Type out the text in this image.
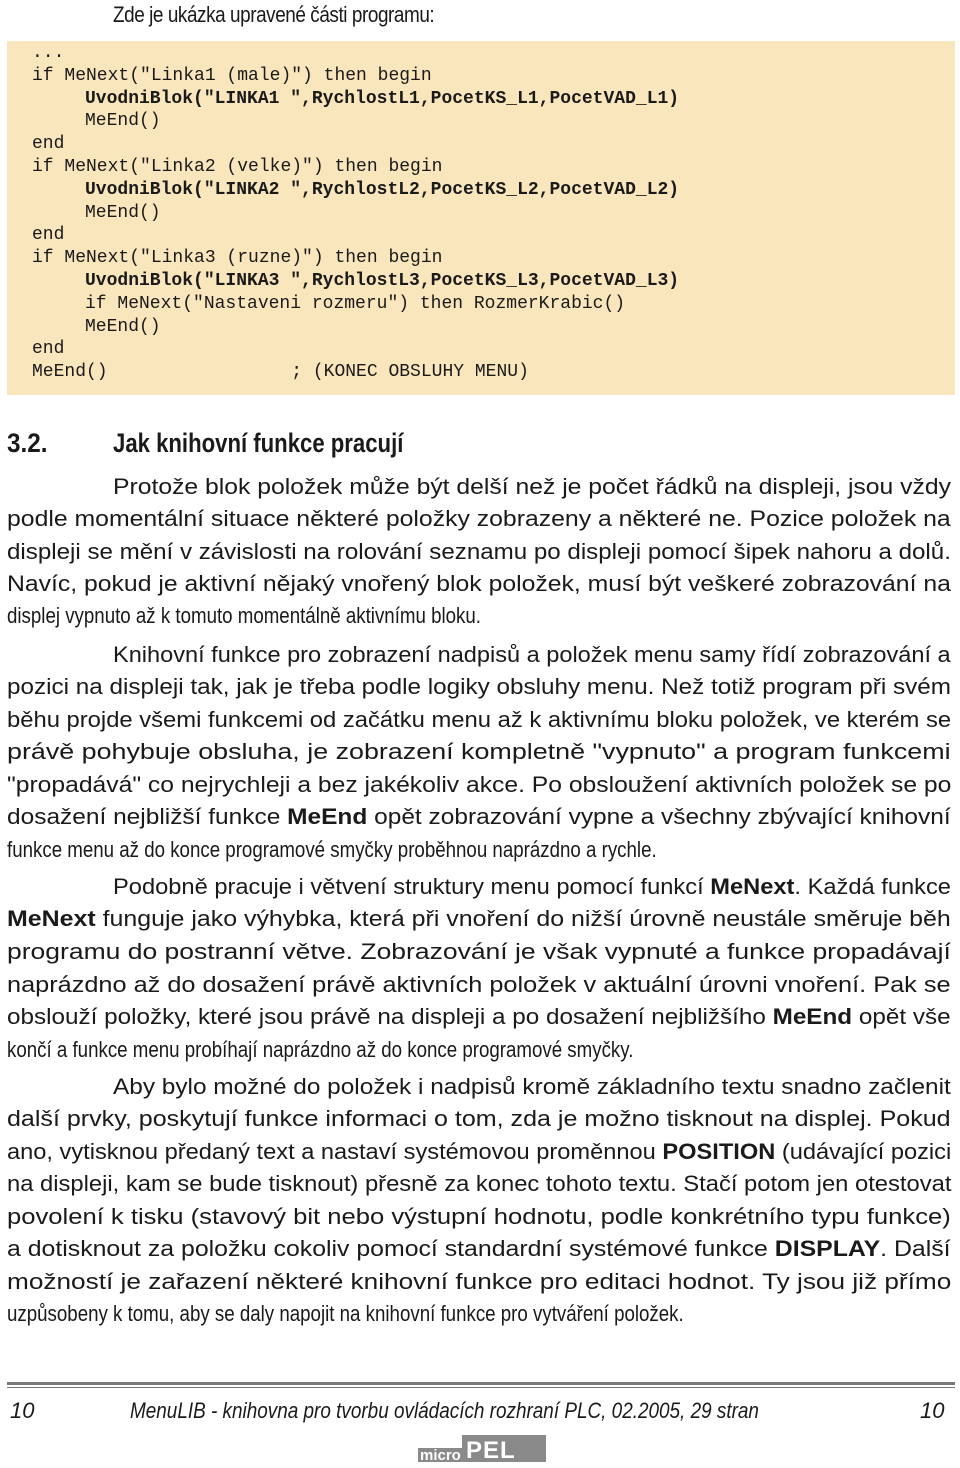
Zde je ukázka upravené části programu:
...
if MeNext("Linka1 (male)") then begin
UvodniBlok("LINKA1 ",RychlostL1,PocetKS_L1,PocetVAD_L1)
MeEnd()
end
if MeNext("Linka2 (velke)") then begin
UvodniBlok("LINKA2 ",RychlostL2,PocetKS_L2,PocetVAD_L2)
MeEnd()
end
if MeNext("Linka3 (ruzne)") then begin
UvodniBlok("LINKA3 ",RychlostL3,PocetKS_L3,PocetVAD_L3)
if MeNext("Nastaveni rozmeru") then RozmerKrabic()
MeEnd()
end
MeEnd()                 ; (KONEC OBSLUHY MENU)
3.2. Jak knihovní funkce pracují
Protože blok položek může být delší než je počet řádků na displeji, jsou vždy
podle momentální situace některé položky zobrazeny a některé ne. Pozice položek na
displeji se mění v závislosti na rolování seznamu po displeji pomocí šipek nahoru a dolů.
Navíc, pokud je aktivní nějaký vnořený blok položek, musí být veškeré zobrazování na
displej vypnuto až k tomuto momentálně aktivnímu bloku.
Knihovní funkce pro zobrazení nadpisů a položek menu samy řídí zobrazování a
pozici na displeji tak, jak je třeba podle logiky obsluhy menu. Než totiž program při svém
běhu projde všemi funkcemi od začátku menu až k aktivnímu bloku položek, ve kterém se
právě pohybuje obsluha, je zobrazení kompletně "vypnuto" a program funkcemi
"propadává" co nejrychleji a bez jakékoliv akce. Po obsloužení aktivních položek se po
dosažení nejbližší funkce MeEnd opět zobrazování vypne a všechny zbývající knihovní
funkce menu až do konce programové smyčky proběhnou naprázdno a rychle.
Podobně pracuje i větvení struktury menu pomocí funkcí MeNext. Každá funkce
MeNext funguje jako výhybka, která při vnoření do nižší úrovně neustále směruje běh
programu do postranní větve. Zobrazování je však vypnuté a funkce propadávají
naprázdno až do dosažení právě aktivních položek v aktuální úrovni vnoření. Pak se
obslouží položky, které jsou právě na displeji a po dosažení nejbližšího MeEnd opět vše
končí a funkce menu probíhají naprázdno až do konce programové smyčky.
Aby bylo možné do položek i nadpisů kromě základního textu snadno začlenit
další prvky, poskytují funkce informaci o tom, zda je možno tisknout na displej. Pokud
ano, vytisknou předaný text a nastaví systémovou proměnnou POSITION (udávající pozici
na displeji, kam se bude tisknout) přesně za konec tohoto textu. Stačí potom jen otestovat
povolení k tisku (stavový bit nebo výstupní hodnotu, podle konkrétního typu funkce)
a dotisknout za položku cokoliv pomocí standardní systémové funkce DISPLAY. Další
možností je zařazení některé knihovní funkce pro editaci hodnot. Ty jsou již přímo
uzpůsobeny k tomu, aby se daly napojit na knihovní funkce pro vytváření položek.
10	MenuLIB - knihovna pro tvorbu ovládacích rozhraní PLC, 02.2005, 29 stran	10
micro PEL
